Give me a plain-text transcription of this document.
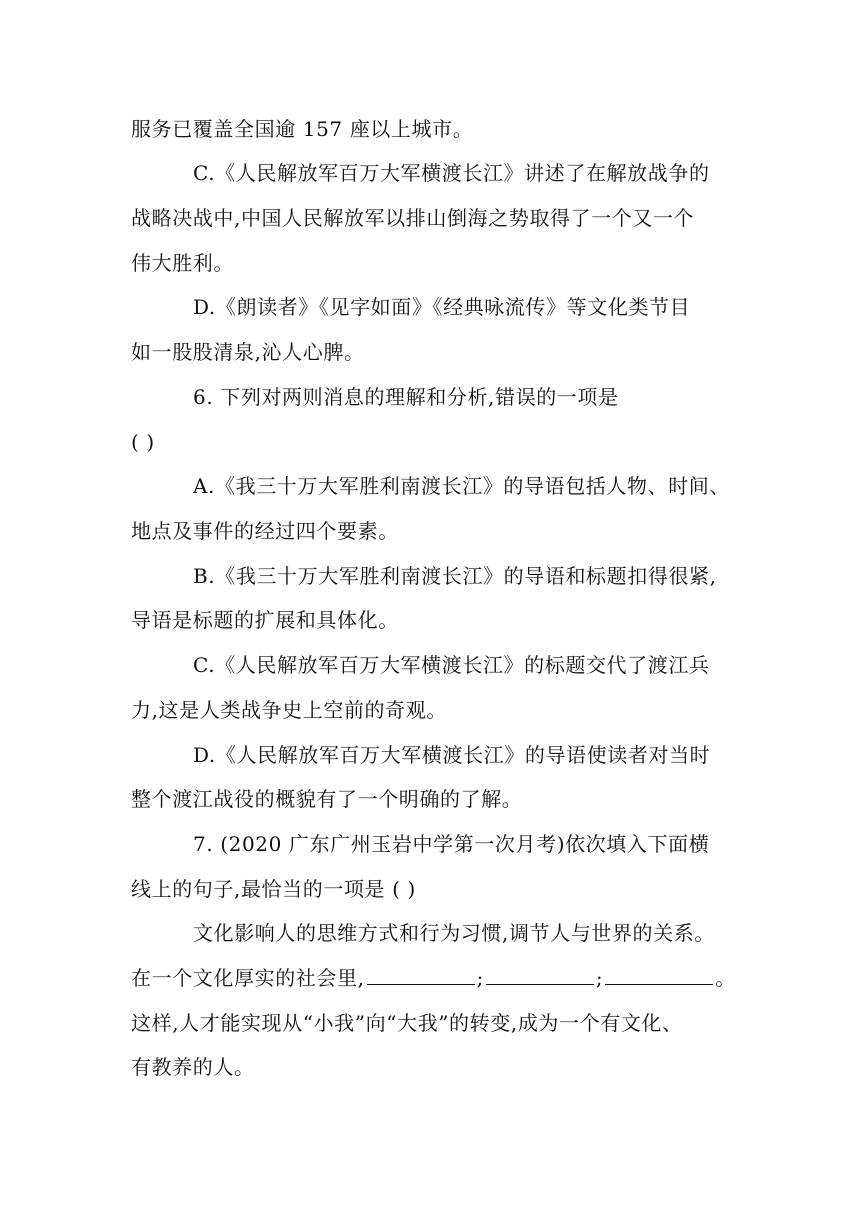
服务已覆盖全国逾 157 座以上城市。
C.《人民解放军百万大军横渡长江》讲述了在解放战争的
战略决战中,中国人民解放军以排山倒海之势取得了一个又一个
伟大胜利。
D.《朗读者》《见字如面》《经典咏流传》等文化类节目
如一股股清泉,沁人心脾。
6. 下列对两则消息的理解和分析,错误的一项是
( )
A.《我三十万大军胜利南渡长江》的导语包括人物、时间、
地点及事件的经过四个要素。
B.《我三十万大军胜利南渡长江》的导语和标题扣得很紧,
导语是标题的扩展和具体化。
C.《人民解放军百万大军横渡长江》的标题交代了渡江兵
力,这是人类战争史上空前的奇观。
D.《人民解放军百万大军横渡长江》的导语使读者对当时
整个渡江战役的概貌有了一个明确的了解。
7. (2020 广东广州玉岩中学第一次月考)依次填入下面横
线上的句子,最恰当的一项是 ( )
文化影响人的思维方式和行为习惯,调节人与世界的关系。
在一个文化厚实的社会里,	;	;	。
这样,人才能实现从“小我”向“大我”的转变,成为一个有文化、
有教养的人。
